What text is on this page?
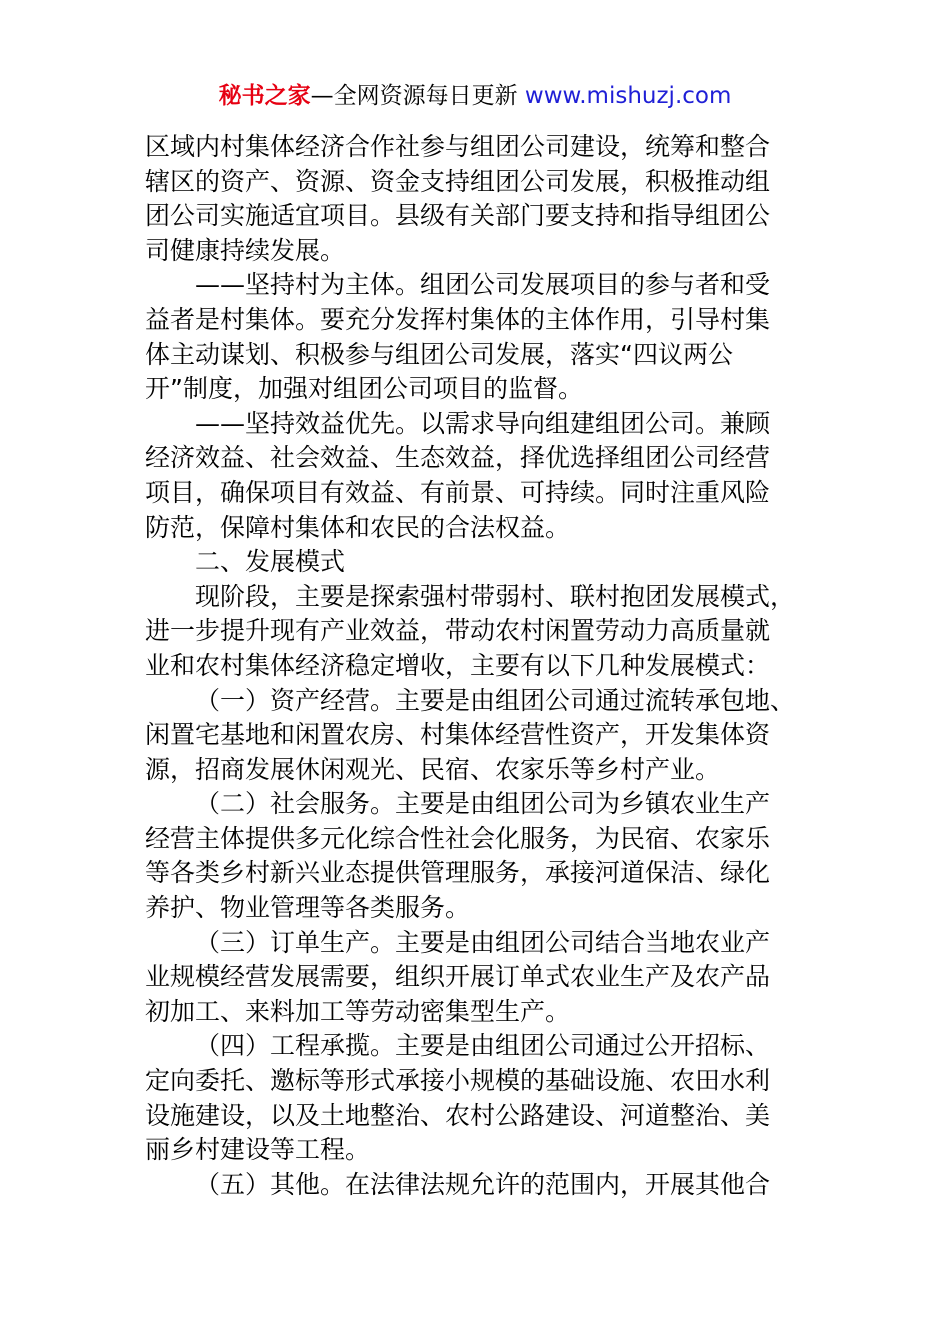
秘书之家—全网资源每日更新 www.mishuzj.com
区域内村集体经济合作社参与组团公司建设，统筹和整合
辖区的资产、资源、资金支持组团公司发展，积极推动组
团公司实施适宜项目。县级有关部门要支持和指导组团公
司健康持续发展。
——坚持村为主体。组团公司发展项目的参与者和受
益者是村集体。要充分发挥村集体的主体作用，引导村集
体主动谋划、积极参与组团公司发展，落实“四议两公
开”制度，加强对组团公司项目的监督。
——坚持效益优先。以需求导向组建组团公司。兼顾
经济效益、社会效益、生态效益，择优选择组团公司经营
项目，确保项目有效益、有前景、可持续。同时注重风险
防范，保障村集体和农民的合法权益。
二、发展模式
现阶段，主要是探索强村带弱村、联村抱团发展模式，
进一步提升现有产业效益，带动农村闲置劳动力高质量就
业和农村集体经济稳定增收，主要有以下几种发展模式：
（一）资产经营。主要是由组团公司通过流转承包地、
闲置宅基地和闲置农房、村集体经营性资产，开发集体资
源，招商发展休闲观光、民宿、农家乐等乡村产业。
（二）社会服务。主要是由组团公司为乡镇农业生产
经营主体提供多元化综合性社会化服务，为民宿、农家乐
等各类乡村新兴业态提供管理服务，承接河道保洁、绿化
养护、物业管理等各类服务。
（三）订单生产。主要是由组团公司结合当地农业产
业规模经营发展需要，组织开展订单式农业生产及农产品
初加工、来料加工等劳动密集型生产。
（四）工程承揽。主要是由组团公司通过公开招标、
定向委托、邀标等形式承接小规模的基础设施、农田水利
设施建设，以及土地整治、农村公路建设、河道整治、美
丽乡村建设等工程。
（五）其他。在法律法规允许的范围内，开展其他合
